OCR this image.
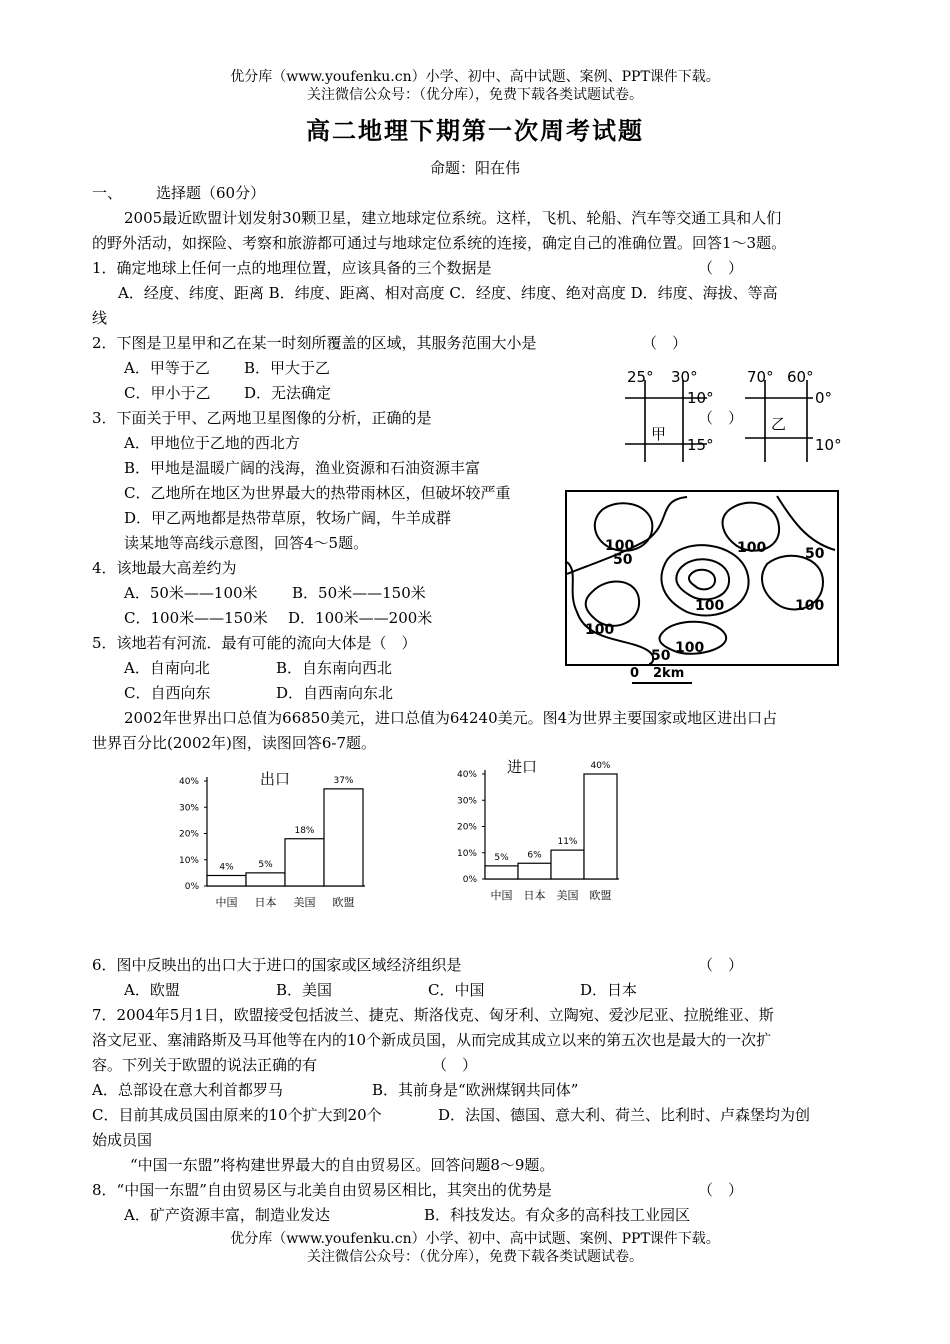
优分库（www.youfenku.cn）小学、初中、高中试题、案例、PPT课件下载。
关注微信公众号：（优分库），免费下载各类试题试卷。
高二地理下期第一次周考试题
命题：阳在伟
一、 选择题（60分）
2005最近欧盟计划发射30颗卫星，建立地球定位系统。这样，飞机、轮船、汽车等交通工具和人们
的野外活动，如探险、考察和旅游都可通过与地球定位系统的连接，确定自己的准确位置。回答1～3题。
1．确定地球上任何一点的地理位置，应该具备的三个数据是	（　）
A．经度、纬度、距离 B．纬度、距离、相对高度 C．经度、纬度、绝对高度 D．纬度、海拔、等高
线
2．下图是卫星甲和乙在某一时刻所覆盖的区域，其服务范围大小是	（　）
A．甲等于乙 B．甲大于乙
C．甲小于乙 D．无法确定
25° 30°
10°
15°
甲
70° 60°
0°
10°
乙
3．下面关于甲、乙两地卫星图像的分析，正确的是	（　）
A．甲地位于乙地的西北方
B．甲地是温暖广阔的浅海，渔业资源和石油资源丰富
C．乙地所在地区为世界最大的热带雨林区，但破坏较严重
D．甲乙两地都是热带草原，牧场广阔，牛羊成群
100
50
100	50
100	100
100
50 100
0 2km
读某地等高线示意图，回答4～5题。
4．该地最大高差约为
A．50米——100米 B．50米——150米
C．100米——150米 D．100米——200米
5．该地若有河流．最有可能的流向大体是（　）
A．自南向北	B．自东南向西北
C．自西向东	D．自西南向东北
2002年世界出口总值为66850美元，进口总值为64240美元。图4为世界主要国家或地区进出口占
世界百分比(2002年)图，读图回答6-7题。
出口
40%
30%
20%
10%
0%
4%
中国
5%
日本
18%
美国
37%
欧盟
进口
40%
30%
20%
10%
0%
5%
中国
6%
日本
11%
美国
40%
欧盟
6．图中反映出的出口大于进口的国家或区域经济组织是	（　）
A．欧盟	B．美国	C．中国	D．日本
7．2004年5月1日，欧盟接受包括波兰、捷克、斯洛伐克、匈牙利、立陶宛、爱沙尼亚、拉脱维亚、斯
洛文尼亚、塞浦路斯及马耳他等在内的10个新成员国，从而完成其成立以来的第五次也是最大的一次扩
容。下列关于欧盟的说法正确的有	（　）
A．总部设在意大利首都罗马	B．其前身是“欧洲煤钢共同体”
C．目前其成员国由原来的10个扩大到20个	D．法国、德国、意大利、荷兰、比利时、卢森堡均为创
始成员国
“中国一东盟”将构建世界最大的自由贸易区。回答问题8～9题。
8．“中国一东盟”自由贸易区与北美自由贸易区相比，其突出的优势是	（　）
A．矿产资源丰富，制造业发达	B．科技发达。有众多的高科技工业园区
优分库（www.youfenku.cn）小学、初中、高中试题、案例、PPT课件下载。
关注微信公众号：（优分库），免费下载各类试题试卷。
